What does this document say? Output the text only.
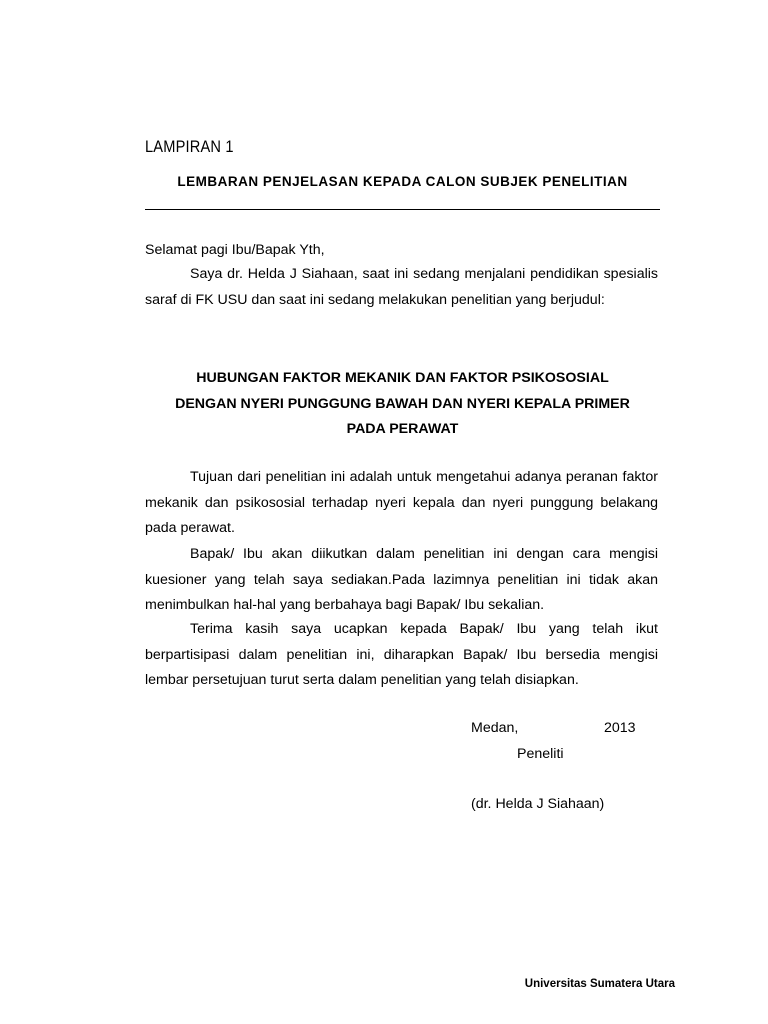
LAMPIRAN 1
LEMBARAN PENJELASAN KEPADA CALON SUBJEK PENELITIAN
Selamat pagi Ibu/Bapak Yth,
Saya dr. Helda J Siahaan, saat ini sedang menjalani pendidikan spesialis saraf di FK USU dan saat ini sedang melakukan penelitian yang berjudul:
HUBUNGAN FAKTOR MEKANIK DAN FAKTOR PSIKOSOSIAL
DENGAN NYERI PUNGGUNG BAWAH DAN NYERI KEPALA PRIMER
PADA PERAWAT
Tujuan dari penelitian ini adalah untuk mengetahui adanya peranan faktor mekanik dan psikososial terhadap nyeri kepala dan nyeri punggung belakang pada perawat.
Bapak/ Ibu akan diikutkan dalam penelitian ini dengan cara mengisi kuesioner yang telah saya sediakan.Pada lazimnya penelitian ini tidak akan menimbulkan hal-hal yang berbahaya bagi Bapak/ Ibu sekalian.
Terima kasih saya ucapkan kepada Bapak/ Ibu yang telah ikut berpartisipasi dalam penelitian ini, diharapkan Bapak/ Ibu bersedia mengisi lembar persetujuan turut serta dalam penelitian yang telah disiapkan.
Medan,	2013
Peneliti
(dr. Helda J Siahaan)
Universitas Sumatera Utara
